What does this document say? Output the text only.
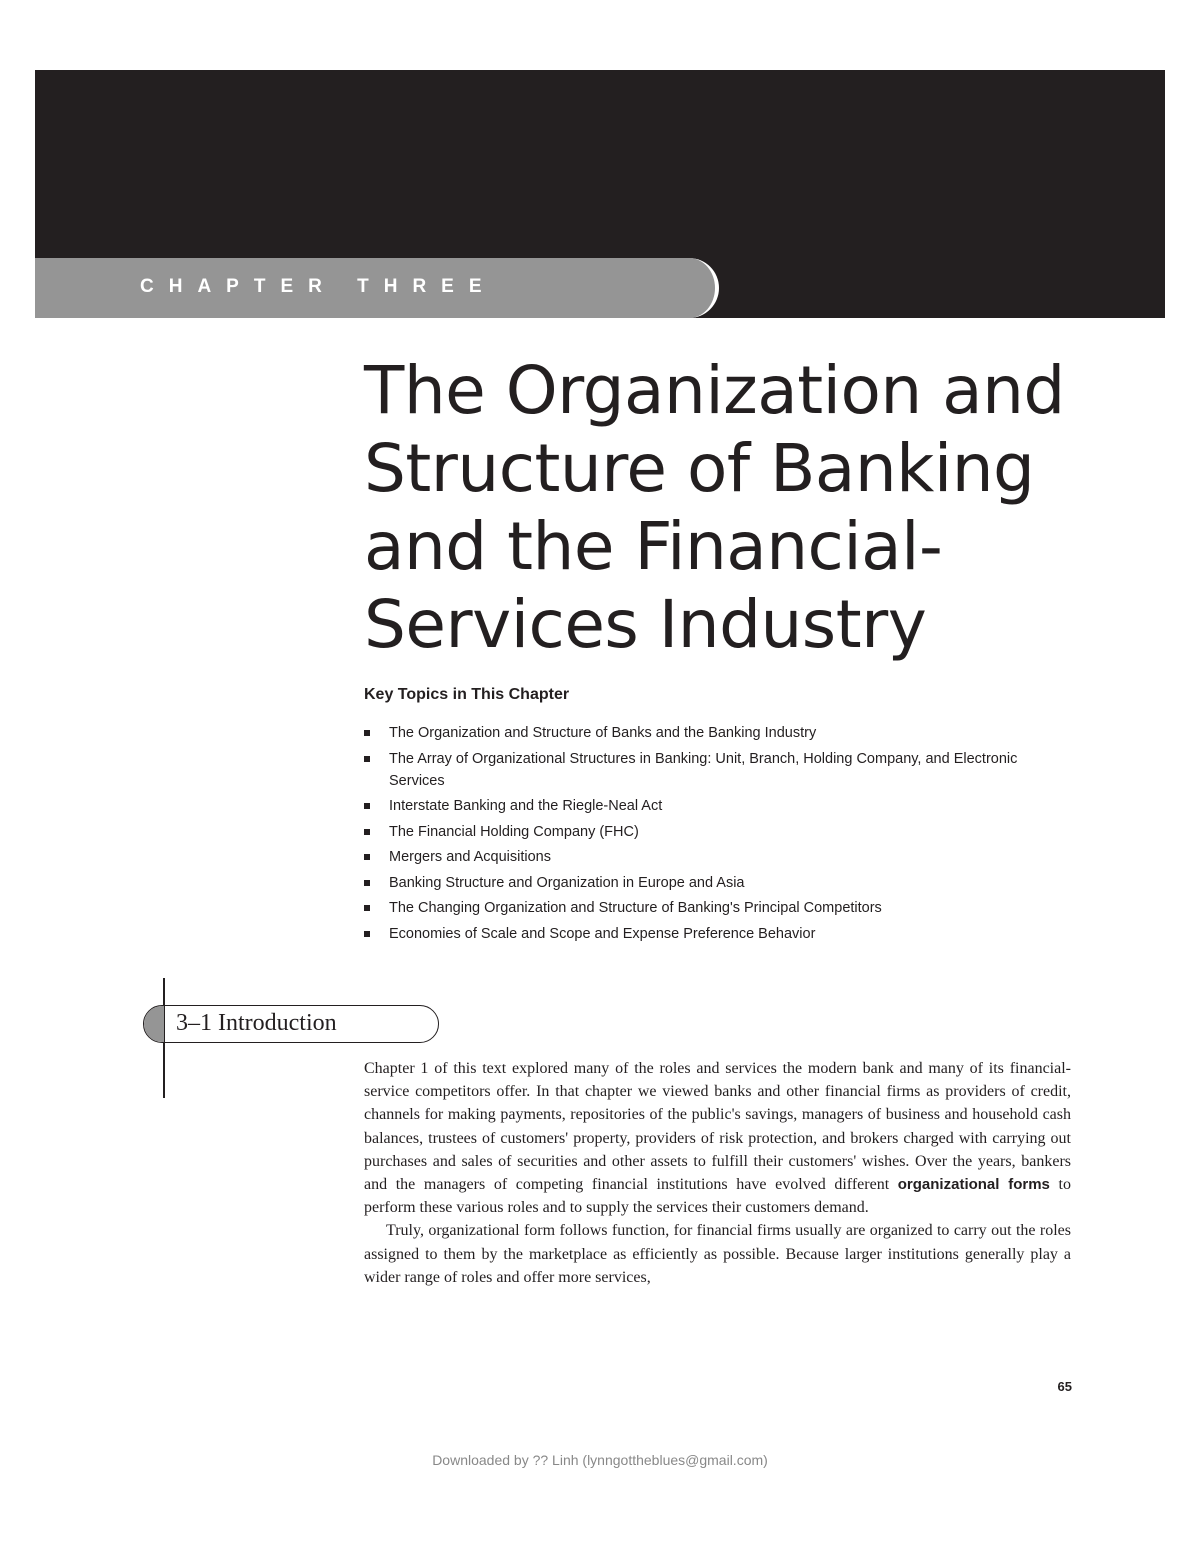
CHAPTER THREE
The Organization and
Structure of Banking
and the Financial-
Services Industry
Key Topics in This Chapter
The Organization and Structure of Banks and the Banking Industry
The Array of Organizational Structures in Banking: Unit, Branch, Holding Company, and Electronic Services
Interstate Banking and the Riegle-Neal Act
The Financial Holding Company (FHC)
Mergers and Acquisitions
Banking Structure and Organization in Europe and Asia
The Changing Organization and Structure of Banking's Principal Competitors
Economies of Scale and Scope and Expense Preference Behavior
3–1 Introduction

Chapter 1 of this text explored many of the roles and services the modern bank and many of its financial-service competitors offer. In that chapter we viewed banks and other financial firms as providers of credit, channels for making payments, repositories of the public's savings, managers of business and household cash balances, trustees of customers' property, providers of risk protection, and brokers charged with carrying out purchases and sales of securities and other assets to fulfill their customers' wishes. Over the years, bankers and the managers of competing financial institutions have evolved different organizational forms to perform these various roles and to supply the services their customers demand.

Truly, organizational form follows function, for financial firms usually are organized to carry out the roles assigned to them by the marketplace as efficiently as possible. Because larger institutions generally play a wider range of roles and offer more services,

65
Downloaded by ?? Linh (lynngottheblues@gmail.com)
